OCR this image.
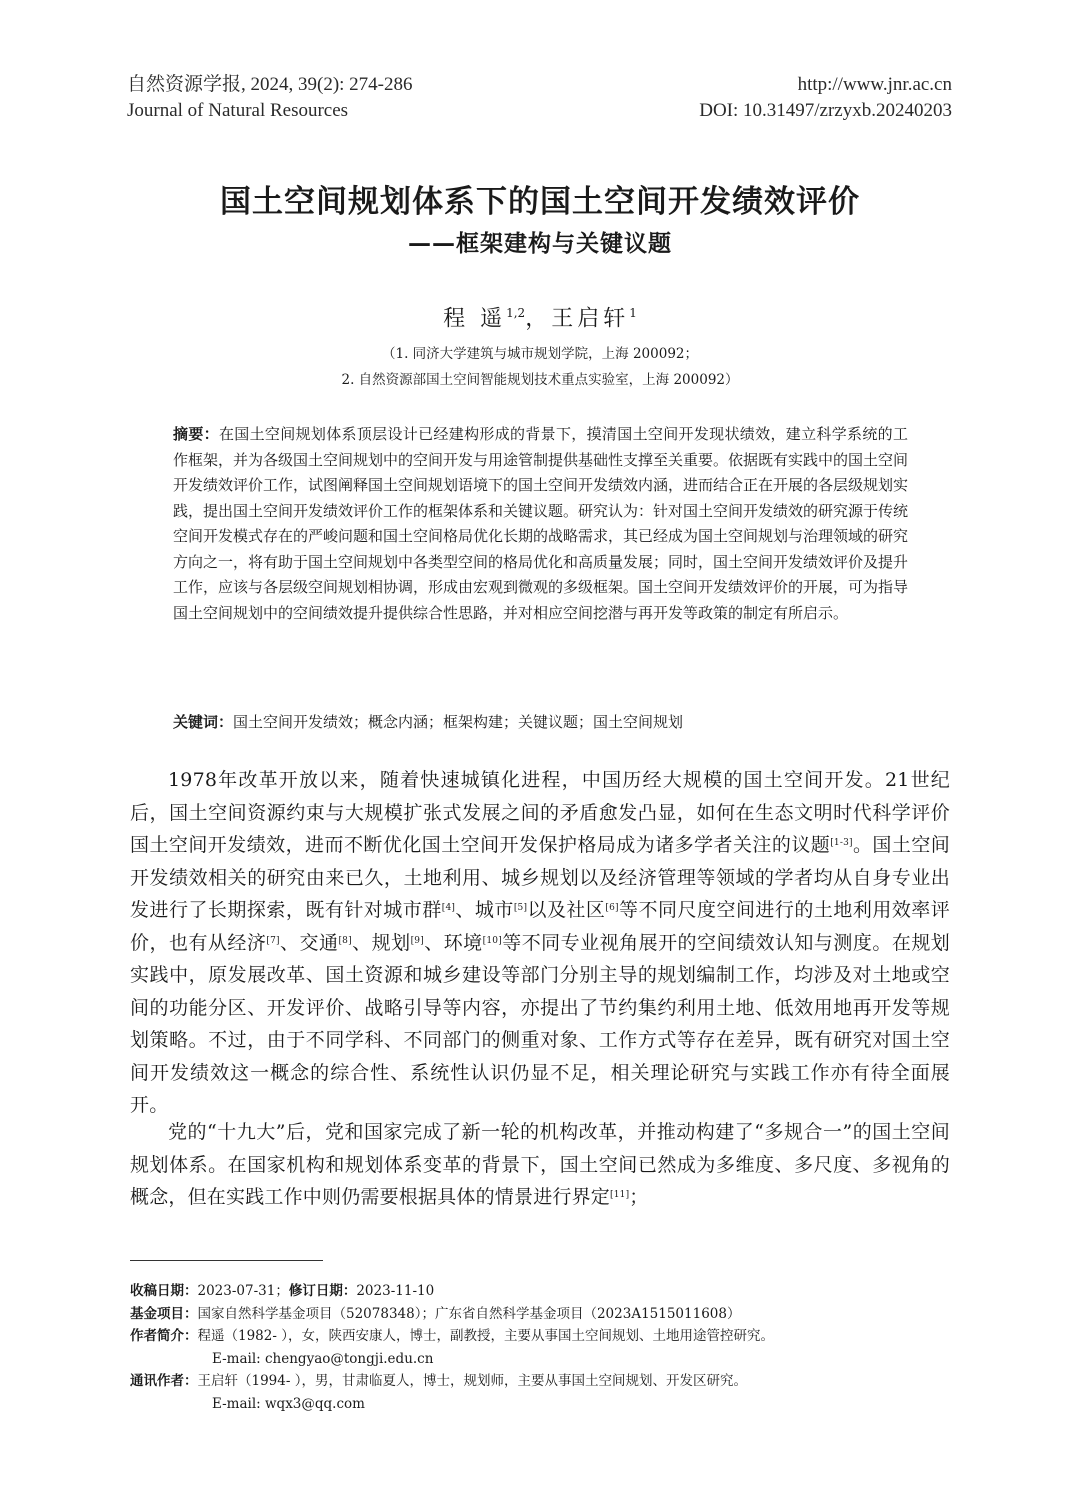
自然资源学报, 2024, 39(2): 274-286
Journal of Natural Resources
http://www.jnr.ac.cn
DOI: 10.31497/zrzyxb.20240203
国土空间规划体系下的国土空间开发绩效评价
——框架建构与关键议题
程 遥$^{1,2}$，王启轩$^1$
（1. 同济大学建筑与城市规划学院，上海 200092；
2. 自然资源部国土空间智能规划技术重点实验室，上海 200092）
摘要：在国土空间规划体系顶层设计已经建构形成的背景下，摸清国土空间开发现状绩效，建立科学系统的工作框架，并为各级国土空间规划中的空间开发与用途管制提供基础性支撑至关重要。依据既有实践中的国土空间开发绩效评价工作，试图阐释国土空间规划语境下的国土空间开发绩效内涵，进而结合正在开展的各层级规划实践，提出国土空间开发绩效评价工作的框架体系和关键议题。研究认为：针对国土空间开发绩效的研究源于传统空间开发模式存在的严峻问题和国土空间格局优化长期的战略需求，其已经成为国土空间规划与治理领域的研究方向之一，将有助于国土空间规划中各类型空间的格局优化和高质量发展；同时，国土空间开发绩效评价及提升工作，应该与各层级空间规划相协调，形成由宏观到微观的多级框架。国土空间开发绩效评价的开展，可为指导国土空间规划中的空间绩效提升提供综合性思路，并对相应空间挖潜与再开发等政策的制定有所启示。
关键词：国土空间开发绩效；概念内涵；框架构建；关键议题；国土空间规划

1978年改革开放以来，随着快速城镇化进程，中国历经大规模的国土空间开发。21世纪后，国土空间资源约束与大规模扩张式发展之间的矛盾愈发凸显，如何在生态文明时代科学评价国土空间开发绩效，进而不断优化国土空间开发保护格局成为诸多学者关注的议题[1-3]。国土空间开发绩效相关的研究由来已久，土地利用、城乡规划以及经济管理等领域的学者均从自身专业出发进行了长期探索，既有针对城市群[4]、城市[5]以及社区[6]等不同尺度空间进行的土地利用效率评价，也有从经济[7]、交通[8]、规划[9]、环境[10]等不同专业视角展开的空间绩效认知与测度。在规划实践中，原发展改革、国土资源和城乡建设等部门分别主导的规划编制工作，均涉及对土地或空间的功能分区、开发评价、战略引导等内容，亦提出了节约集约利用土地、低效用地再开发等规划策略。不过，由于不同学科、不同部门的侧重对象、工作方式等存在差异，既有研究对国土空间开发绩效这一概念的综合性、系统性认识仍显不足，相关理论研究与实践工作亦有待全面展开。

党的“十九大”后，党和国家完成了新一轮的机构改革，并推动构建了“多规合一”的国土空间规划体系。在国家机构和规划体系变革的背景下，国土空间已然成为多维度、多尺度、多视角的概念，但在实践工作中则仍需要根据具体的情景进行界定[11]；

收稿日期：2023-07-31；修订日期：2023-11-10
基金项目：国家自然科学基金项目（52078348）；广东省自然科学基金项目（2023A1515011608）
作者简介：程遥（1982- ），女，陕西安康人，博士，副教授，主要从事国土空间规划、土地用途管控研究。
E-mail: chengyao@tongji.edu.cn
通讯作者：王启轩（1994- ），男，甘肃临夏人，博士，规划师，主要从事国土空间规划、开发区研究。
E-mail: wqx3@qq.com
